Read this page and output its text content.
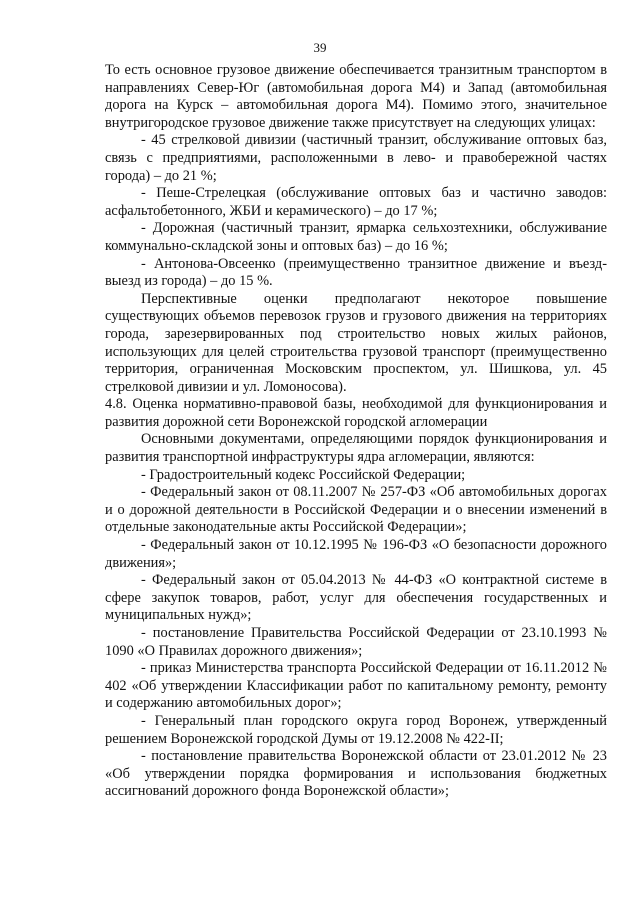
39

То есть основное грузовое движение обеспечивается транзитным транспортом в направлениях Север-Юг (автомобильная дорога М4) и Запад (автомобильная дорога на Курск – автомобильная дорога М4). Помимо этого, значительное внутригородское грузовое движение также присутствует на следующих улицах:

- 45 стрелковой дивизии (частичный транзит, обслуживание оптовых баз, связь с предприятиями, расположенными в лево- и правобережной частях города) – до 21 %;
- Пеше-Стрелецкая (обслуживание оптовых баз и частично заводов: асфальтобетонного, ЖБИ и керамического) – до 17 %;
- Дорожная (частичный транзит, ярмарка сельхозтехники, обслуживание коммунально-складской зоны и оптовых баз) – до 16 %;
- Антонова-Овсеенко (преимущественно транзитное движение и въезд-выезд из города) – до 15 %.

Перспективные оценки предполагают некоторое повышение существующих объемов перевозок грузов и грузового движения на территориях города, зарезервированных под строительство новых жилых районов, использующих для целей строительства грузовой транспорт (преимущественно территория, ограниченная Московским проспектом, ул. Шишкова, ул. 45 стрелковой дивизии и ул. Ломоносова).

4.8. Оценка нормативно-правовой базы, необходимой для функционирования и развития дорожной сети Воронежской городской агломерации

Основными документами, определяющими порядок функционирования и развития транспортной инфраструктуры ядра агломерации, являются:

- Градостроительный кодекс Российской Федерации;
- Федеральный закон от 08.11.2007 № 257-ФЗ «Об автомобильных дорогах и о дорожной деятельности в Российской Федерации и о внесении изменений в отдельные законодательные акты Российской Федерации»;
- Федеральный закон от 10.12.1995 № 196-ФЗ «О безопасности дорожного движения»;
- Федеральный закон от 05.04.2013 № 44-ФЗ «О контрактной системе в сфере закупок товаров, работ, услуг для обеспечения государственных и муниципальных нужд»;
- постановление Правительства Российской Федерации от 23.10.1993 № 1090 «О Правилах дорожного движения»;
- приказ Министерства транспорта Российской Федерации от 16.11.2012 № 402 «Об утверждении Классификации работ по капитальному ремонту, ремонту и содержанию автомобильных дорог»;
- Генеральный план городского округа город Воронеж, утвержденный решением Воронежской городской Думы от 19.12.2008 № 422-II;
- постановление правительства Воронежской области от 23.01.2012 № 23 «Об утверждении порядка формирования и использования бюджетных ассигнований дорожного фонда Воронежской области»;
